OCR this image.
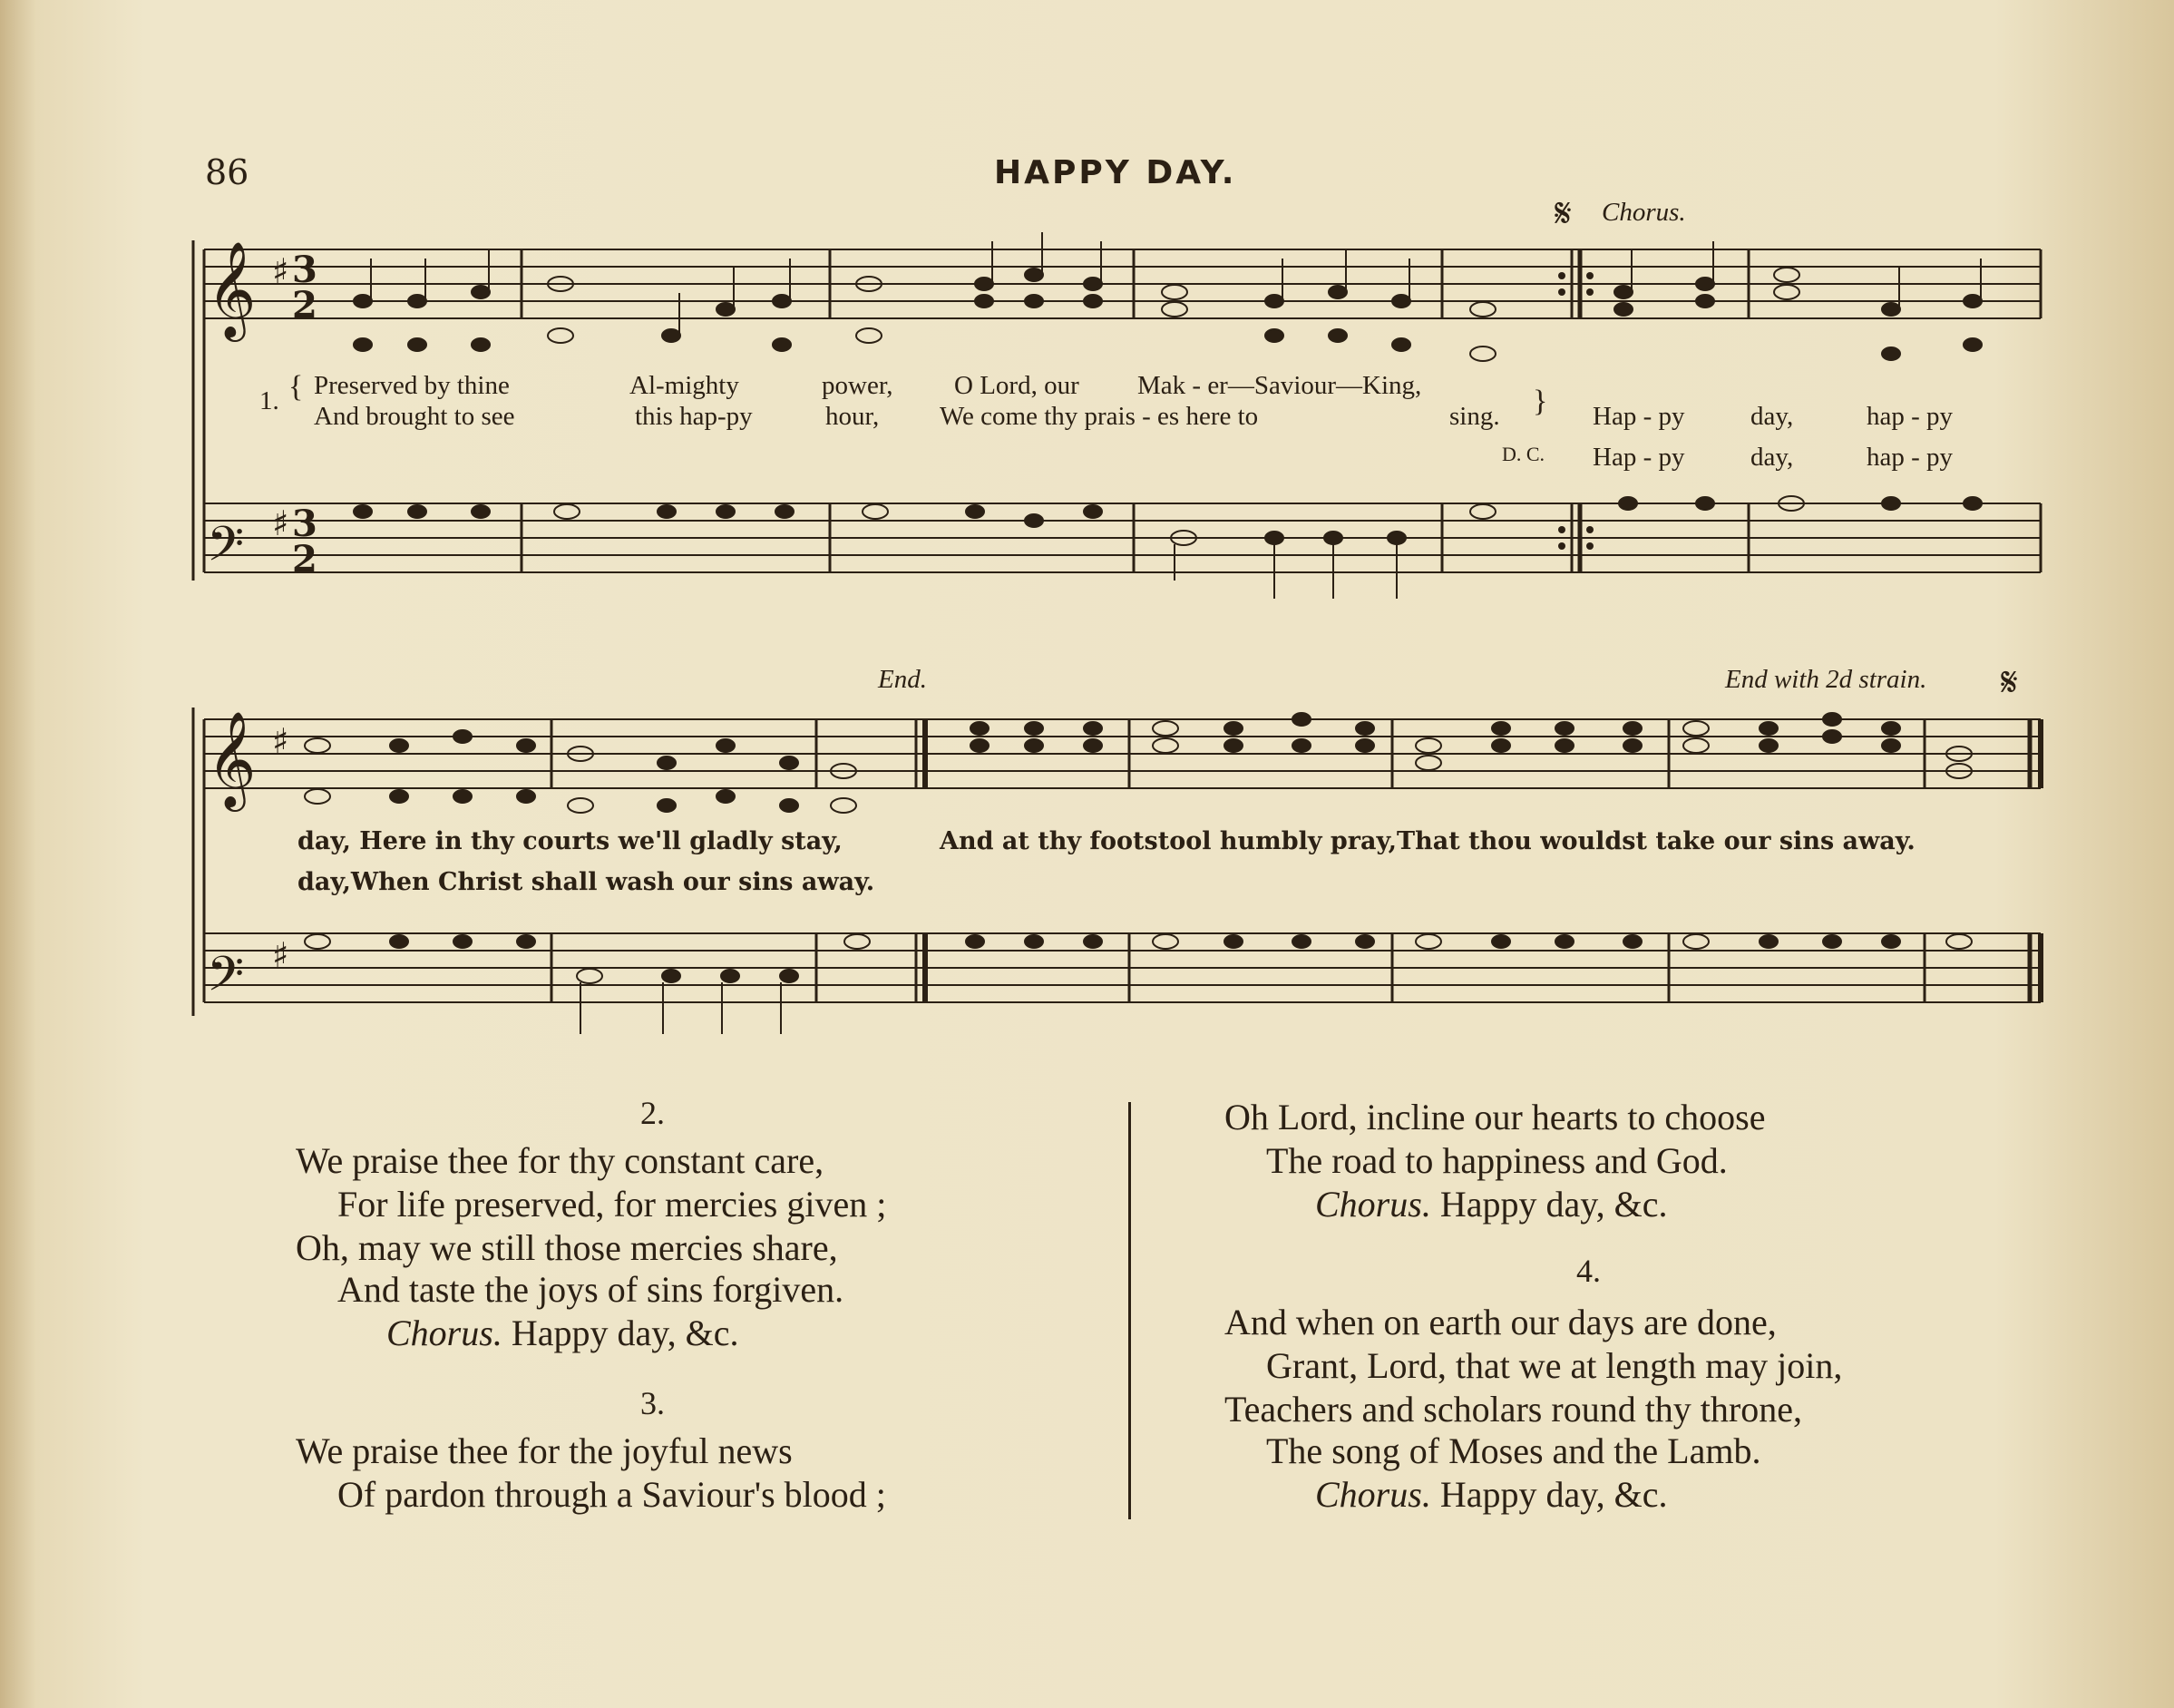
86	HAPPY DAY.
𝄞
𝄢
𝄞
𝄢
♯
♯
♯
♯
3
2
3
2
𝄋
𝄋
Chorus.
End.	End with 2d strain.
1. { Preserved by thine	Al-mighty	power, O Lord, our Mak - er—Saviour—King,
And brought to see	this hap-py	hour, We come thy prais - es here to	sing. } Hap - py	day,	hap - py
D. C. Hap - py	day,	hap - py
day, Here in thy courts we'll gladly stay,	And at thy footstool humbly pray,That thou wouldst take our sins away.
day,When Christ shall wash our sins away.
2.
We praise thee for thy constant care,
For life preserved, for mercies given ;
Oh, may we still those mercies share,
And taste the joys of sins forgiven.
Chorus. Happy day, &c.
3.
We praise thee for the joyful news
Of pardon through a Saviour's blood ;
Oh Lord, incline our hearts to choose
The road to happiness and God.
Chorus. Happy day, &c.
4.
And when on earth our days are done,
Grant, Lord, that we at length may join,
Teachers and scholars round thy throne,
The song of Moses and the Lamb.
Chorus. Happy day, &c.
